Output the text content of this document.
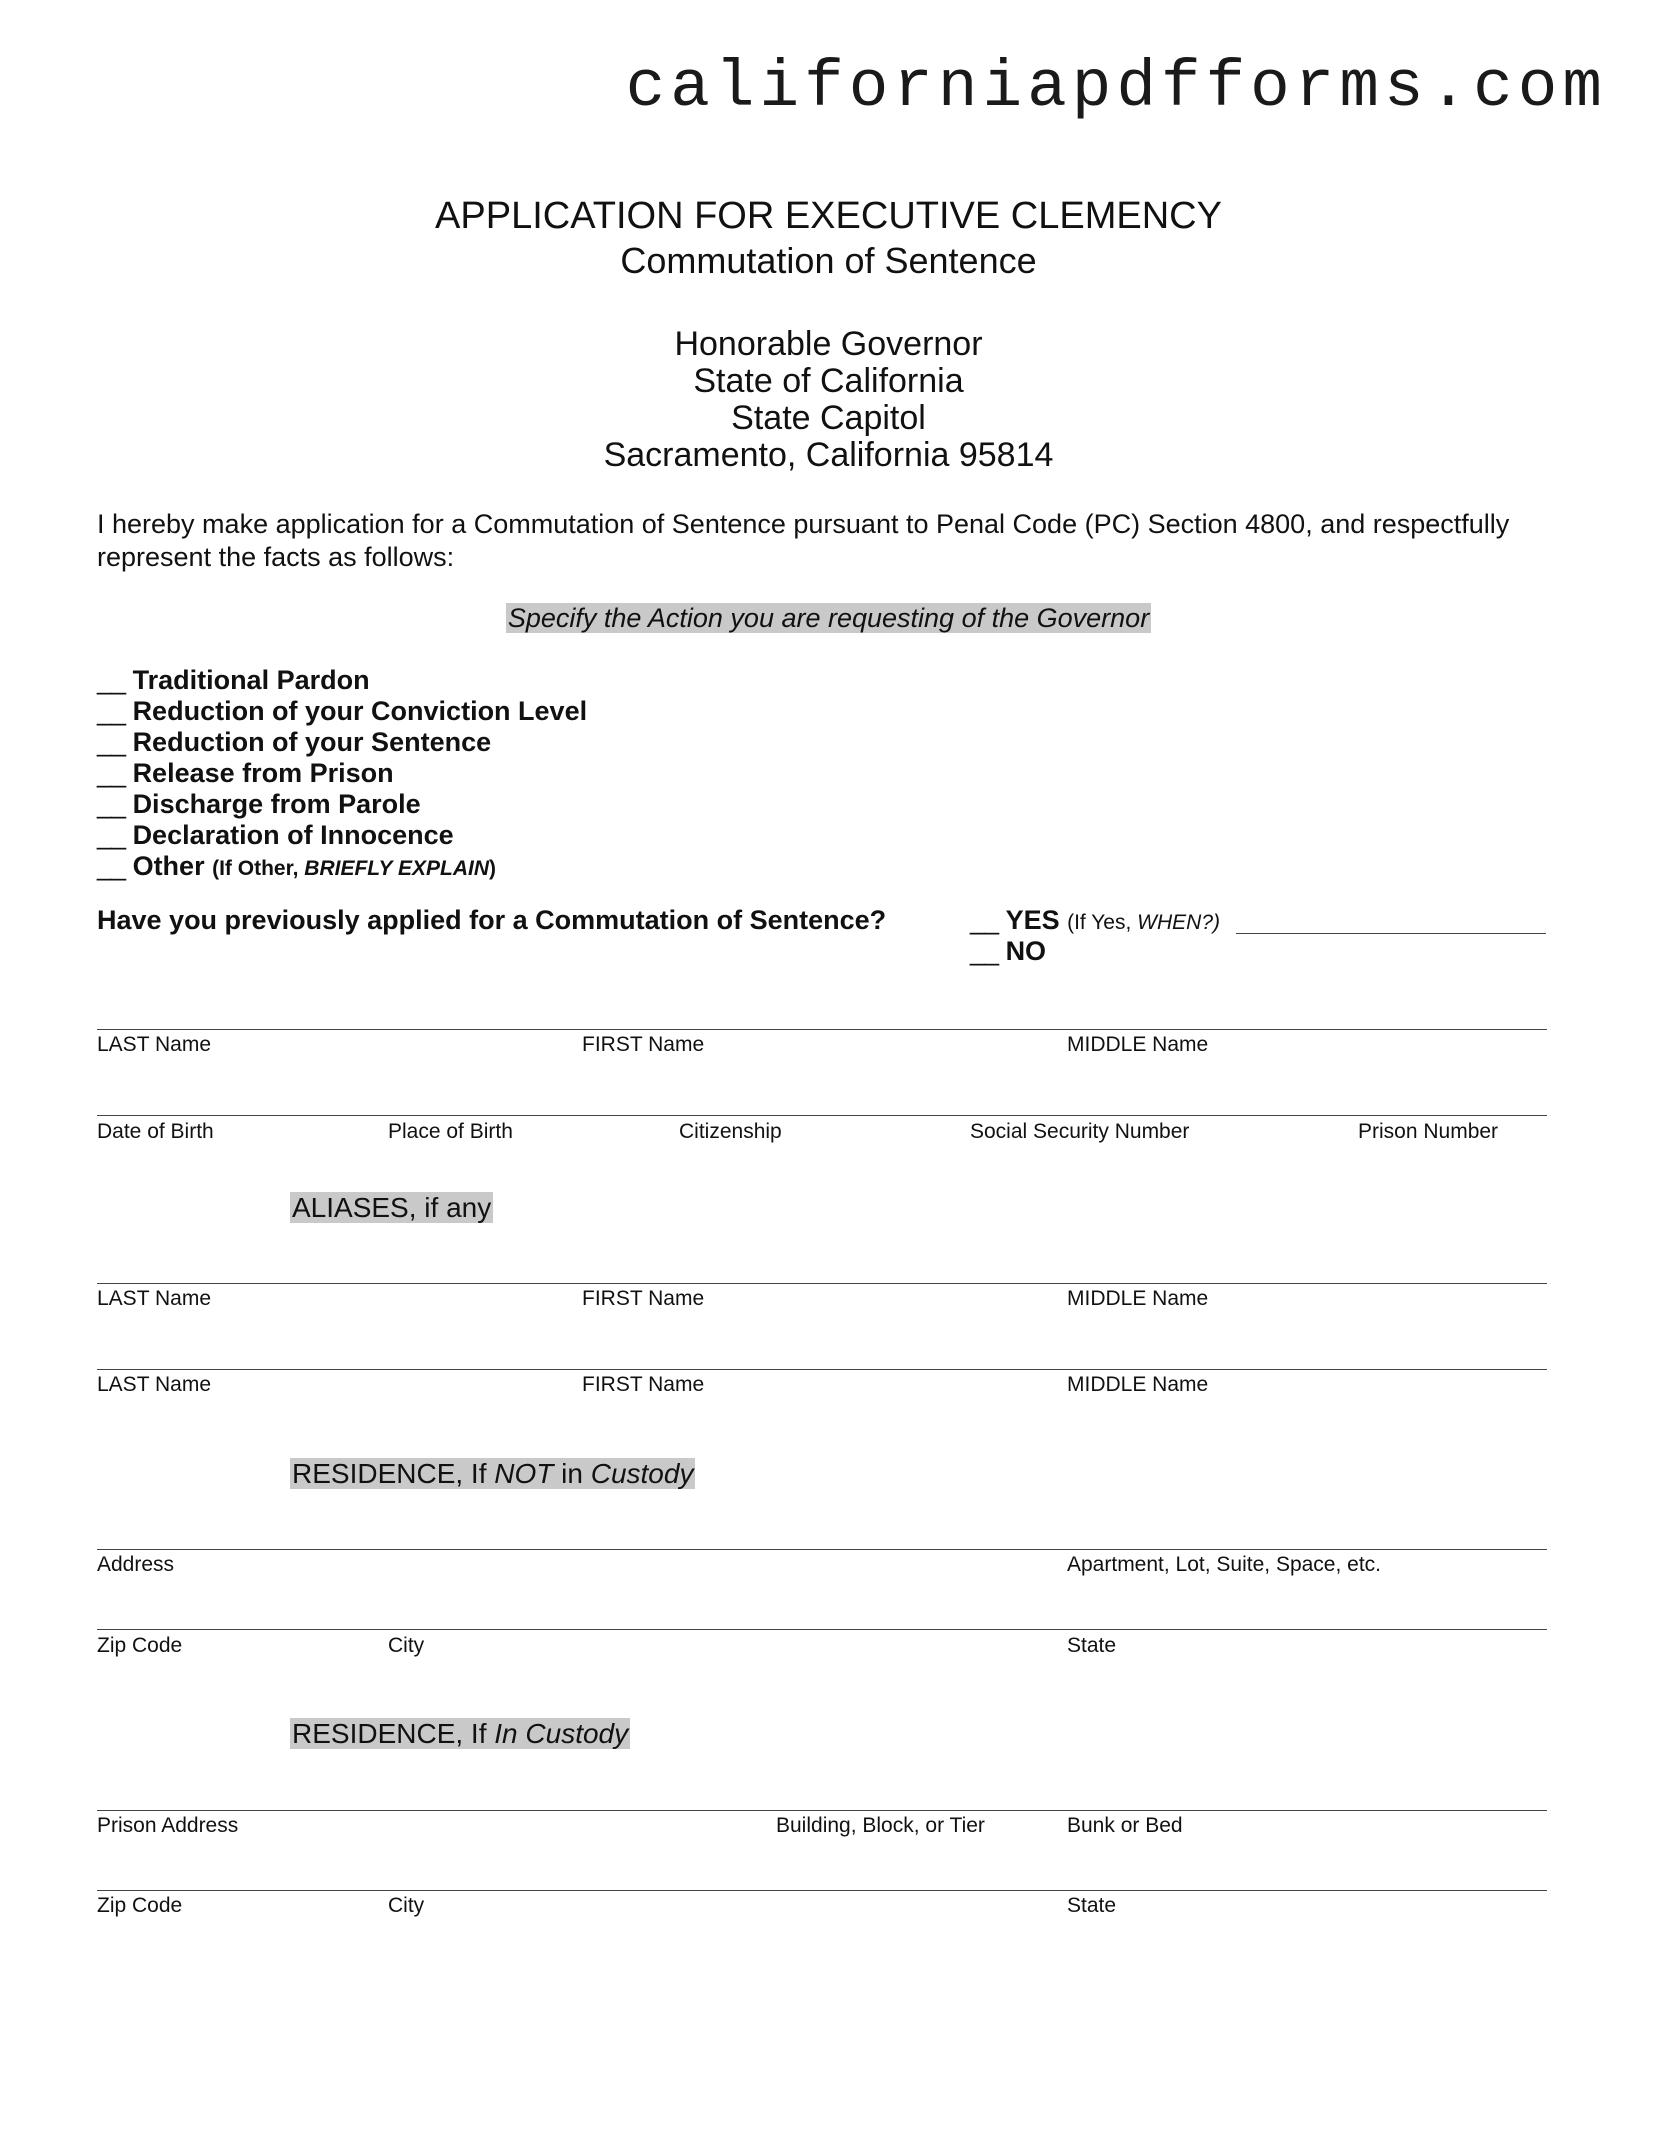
californiapdfforms.com
APPLICATION FOR EXECUTIVE CLEMENCY
Commutation of Sentence
Honorable Governor
State of California
State Capitol
Sacramento, California 95814
I hereby make application for a Commutation of Sentence pursuant to Penal Code (PC) Section 4800, and respectfully represent the facts as follows:
Specify the Action you are requesting of the Governor
__ Traditional Pardon
__ Reduction of your Conviction Level
__ Reduction of your Sentence
__ Release from Prison
__ Discharge from Parole
__ Declaration of Innocence
__ Other (If Other, BRIEFLY EXPLAIN)
Have you previously applied for a Commutation of Sentence?	__ YES (If Yes, WHEN?)
__ NO
LAST Name	FIRST Name	MIDDLE Name
Date of Birth	Place of Birth	Citizenship	Social Security Number	Prison Number
ALIASES, if any
LAST Name	FIRST Name	MIDDLE Name
LAST Name	FIRST Name	MIDDLE Name
RESIDENCE, If NOT in Custody
Address	Apartment, Lot, Suite, Space, etc.
Zip Code	City	State
RESIDENCE, If In Custody
Prison Address	Building, Block, or Tier	Bunk or Bed
Zip Code	City	State
